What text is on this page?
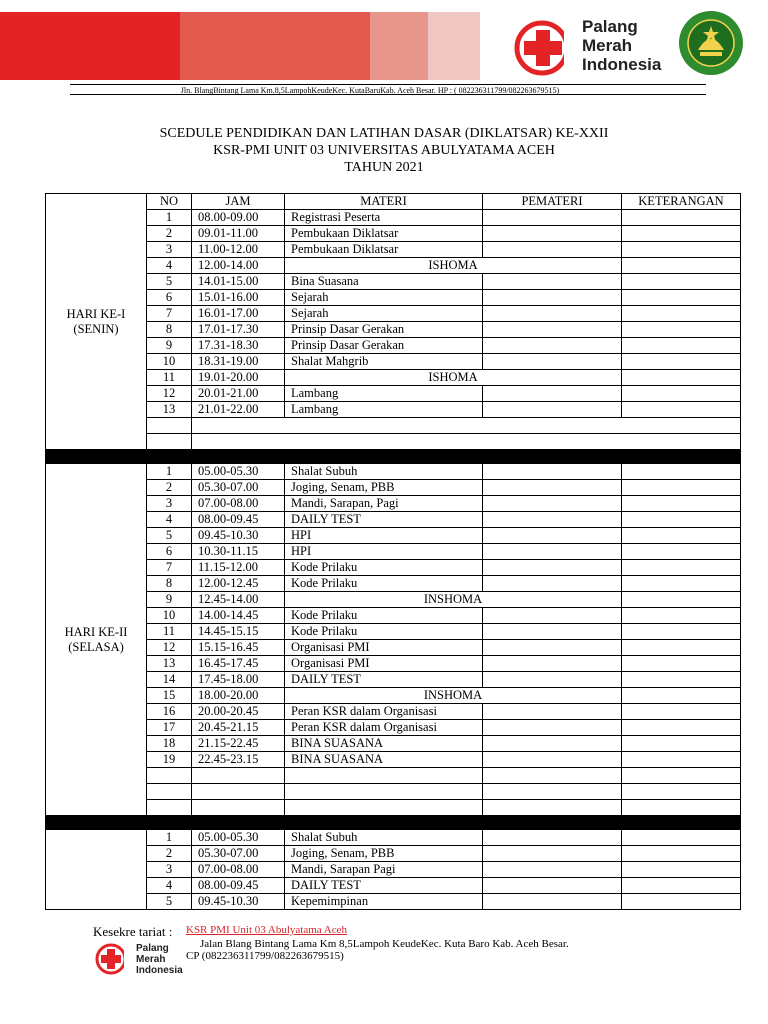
Palang
Merah
Indonesia
Jln. BlangBintang Lama Km.8,5LampohKeudeKec. KutaBaruKab. Aceh Besar. HP : ( 082236311799/082263679515)
SCEDULE PENDIDIKAN DAN LATIHAN DASAR (DIKLATSAR) KE-XXII
KSR-PMI UNIT 03 UNIVERSITAS ABULYATAMA ACEH
TAHUN 2021
HARI KE-I
(SENIN)	NO	JAM	MATERI	PEMATERI	KETERANGAN
	1	08.00-09.00	Registrasi Peserta		
	2	09.01-11.00	Pembukaan Diklatsar		
	3	11.00-12.00	Pembukaan Diklatsar		
	4	12.00-14.00	ISHOMA		
	5	14.01-15.00	Bina Suasana		
	6	15.01-16.00	Sejarah		
	7	16.01-17.00	Sejarah		
	8	17.01-17.30	Prinsip Dasar Gerakan		
	9	17.31-18.30	Prinsip Dasar Gerakan		
	10	18.31-19.00	Shalat Mahgrib		
	11	19.01-20.00	ISHOMA		
	12	20.01-21.00	Lambang		
	13	21.01-22.00	Lambang		

HARI KE-II
(SELASA)	1	05.00-05.30	Shalat Subuh		
	2	05.30-07.00	Joging, Senam, PBB		
	3	07.00-08.00	Mandi, Sarapan, Pagi		
	4	08.00-09.45	DAILY TEST		
	5	09.45-10.30	HPI		
	6	10.30-11.15	HPI		
	7	11.15-12.00	Kode Prilaku		
	8	12.00-12.45	Kode Prilaku		
	9	12.45-14.00	INSHOMA		
	10	14.00-14.45	Kode Prilaku		
	11	14.45-15.15	Kode Prilaku		
	12	15.15-16.45	Organisasi PMI		
	13	16.45-17.45	Organisasi PMI		
	14	17.45-18.00	DAILY TEST		
	15	18.00-20.00	INSHOMA		
	16	20.00-20.45	Peran KSR dalam Organisasi		
	17	20.45-21.15	Peran KSR dalam Organisasi		
	18	21.15-22.45	BINA SUASANA		
	19	22.45-23.15	BINA SUASANA		

	1	05.00-05.30	Shalat Subuh		
	2	05.30-07.00	Joging, Senam, PBB		
	3	07.00-08.00	Mandi, Sarapan Pagi		
	4	08.00-09.45	DAILY TEST		
	5	09.45-10.30	Kepemimpinan		
Kesekre tariat : KSR PMI Unit 03 Abulyatama Aceh
Jalan Blang Bintang Lama Km 8,5Lampoh KeudeKec. Kuta Baro Kab. Aceh Besar.
CP (082236311799/082263679515)
Palang
Merah
Indonesia
